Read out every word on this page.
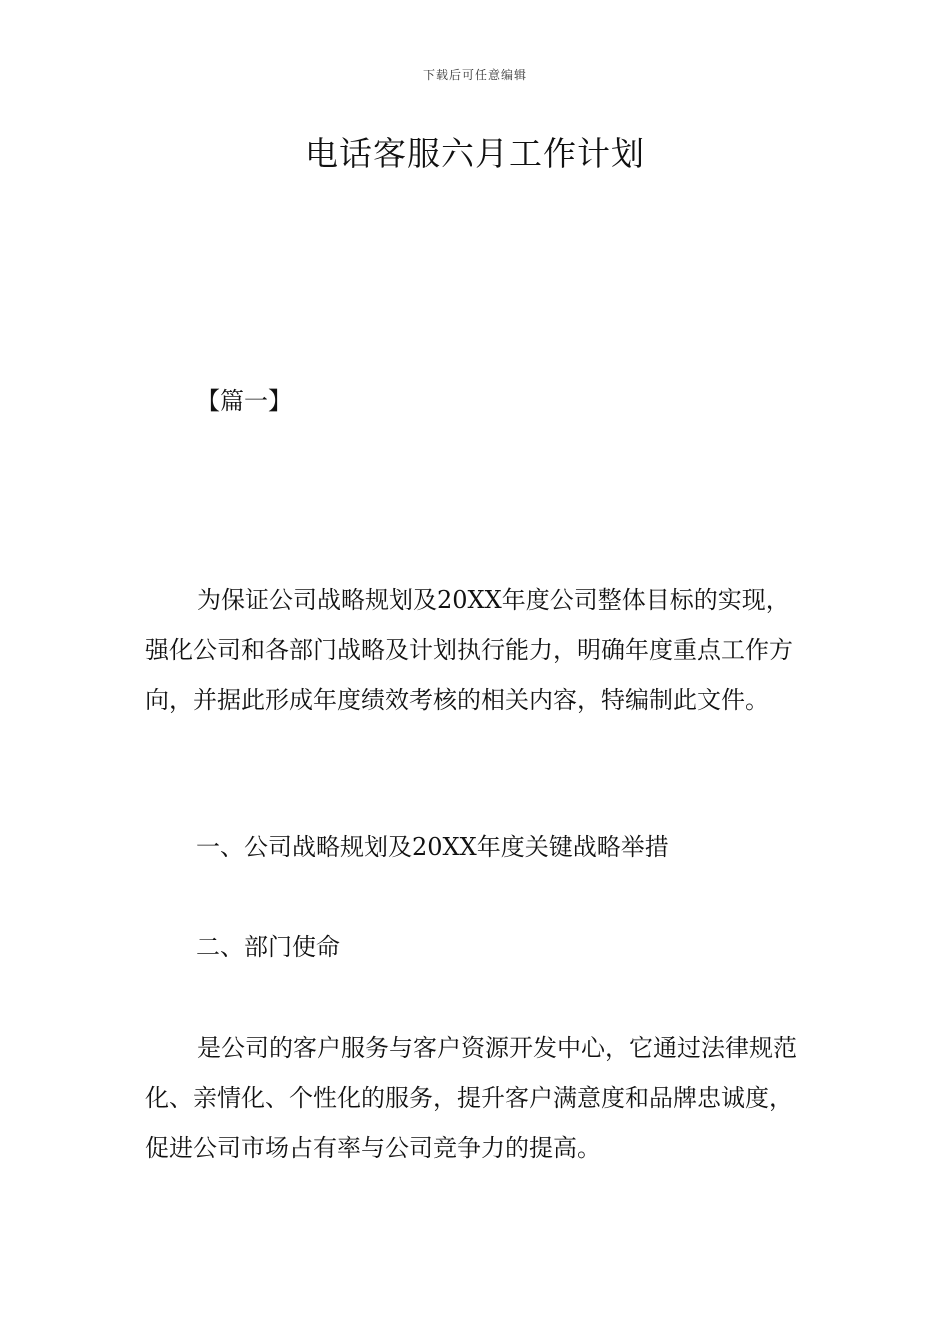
下载后可任意编辑
电话客服六月工作计划
【篇一】

为保证公司战略规划及20XX年度公司整体目标的实现，强化公司和各部门战略及计划执行能力，明确年度重点工作方向，并据此形成年度绩效考核的相关内容，特编制此文件。

一、公司战略规划及20XX年度关键战略举措

二、部门使命

是公司的客户服务与客户资源开发中心，它通过法律规范化、亲情化、个性化的服务，提升客户满意度和品牌忠诚度，促进公司市场占有率与公司竞争力的提高。
